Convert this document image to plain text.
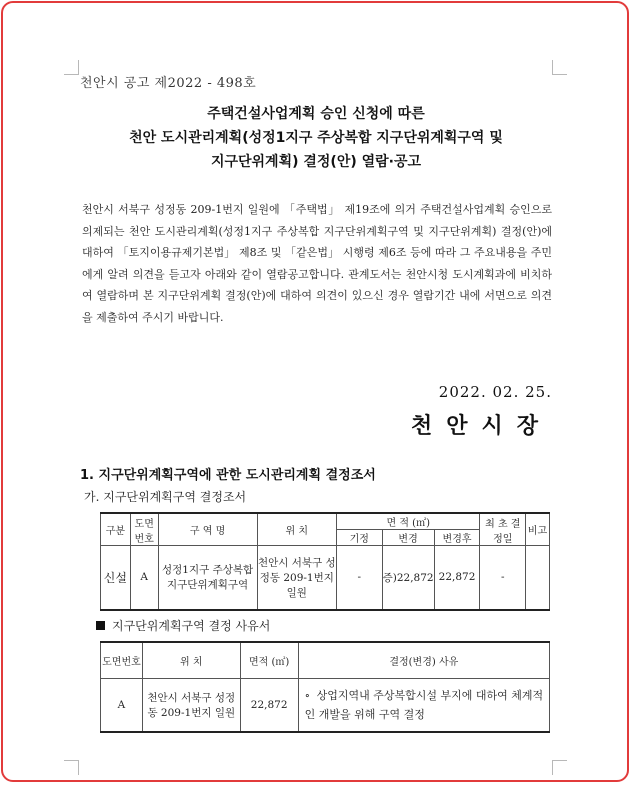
천안시 공고 제2022 - 498호
주택건설사업계획 승인 신청에 따른
천안 도시관리계획(성정1지구 주상복합 지구단위계획구역 및
지구단위계획) 결정(안) 열람·공고
천안시 서북구 성정동 209-1번지 일원에 「주택법」 제19조에 의거 주택건설사업계획 승인으로 의제되는 천안 도시관리계획(성정1지구 주상복합 지구단위계획구역 및 지구단위계획) 결정(안)에 대하여 「토지이용규제기본법」 제8조 및 「같은법」 시행령 제6조 등에 따라 그 주요내용을 주민에게 알려 의견을 듣고자 아래와 같이 열람공고합니다. 관계도서는 천안시청 도시계획과에 비치하여 열람하며 본 지구단위계획 결정(안)에 대하여 의견이 있으신 경우 열람기간 내에 서면으로 의견을 제출하여 주시기 바랍니다.
2022. 02. 25.
천안시장
1. 지구단위계획구역에 관한 도시관리계획 결정조서
가. 지구단위계획구역 결정조서
구분	도면번호	구 역 명	위 치	면 적 (㎡)			최 초 결정일	비고
				기정	변경	변경후		
신설	A	성정1지구 주상복합 지구단위계획구역	천안시 서북구 성정동 209-1번지 일원	-	증)22,872	22,872	-	
지구단위계획구역 결정 사유서
도면번호	위 치	면적 (㎡)	결정(변경) 사유
A	천안시 서북구 성정동 209-1번지 일원	22,872	∘ 상업지역내 주상복합시설 부지에 대하여 체계적인 개발을 위해 구역 결정
